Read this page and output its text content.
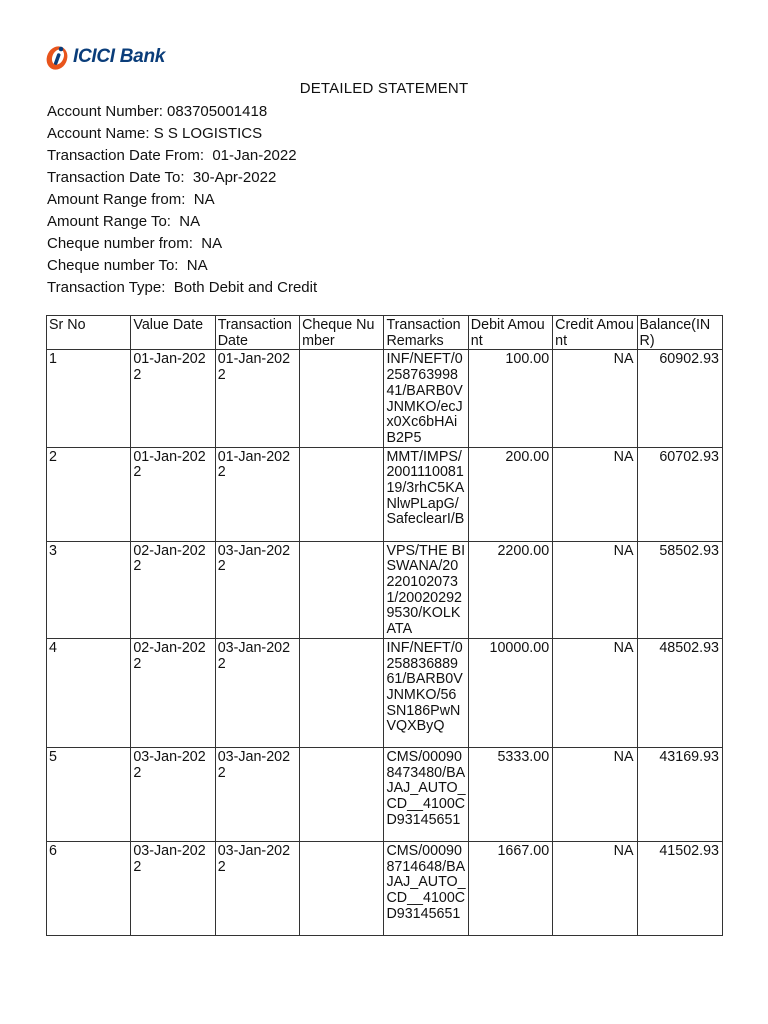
ICICI Bank
DETAILED STATEMENT
Account Number: 083705001418
Account Name: S S LOGISTICS
Transaction Date From:  01-Jan-2022
Transaction Date To:  30-Apr-2022
Amount Range from:  NA
Amount Range To:  NA
Cheque number from:  NA
Cheque number To:  NA
Transaction Type:  Both Debit and Credit
Sr No	Value Date	Transaction Date	Cheque Number	Transaction Remarks	Debit Amount	Credit Amount	Balance(INR)
1	01-Jan-2022	01-Jan-2022		INF/NEFT/025876399841/BARB0VJNMKO/ecJx0Xc6bHAiB2P5	100.00	NA	60902.93
2	01-Jan-2022	01-Jan-2022		MMT/IMPS/200111008119/3rhC5KANlwPLapG/SafeclearI/B	200.00	NA	60702.93
3	02-Jan-2022	03-Jan-2022		VPS/THE BISWANA/202201020731/200202929530/KOLKATA	2200.00	NA	58502.93
4	02-Jan-2022	03-Jan-2022		INF/NEFT/025883688961/BARB0VJNMKO/56SN186PwNVQXByQ	10000.00	NA	48502.93
5	03-Jan-2022	03-Jan-2022		CMS/000908473480/BAJAJ_AUTO_CD__4100CD93145651	5333.00	NA	43169.93
6	03-Jan-2022	03-Jan-2022		CMS/000908714648/BAJAJ_AUTO_CD__4100CD93145651	1667.00	NA	41502.93
